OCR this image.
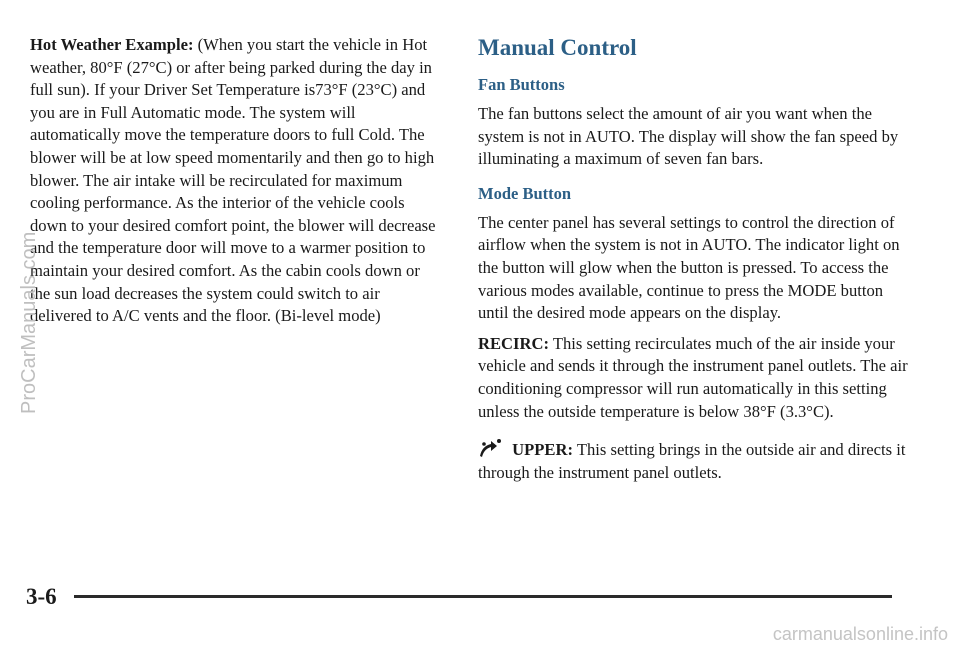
Hot Weather Example: (When you start the vehicle in Hot weather, 80°F (27°C) or after being parked during the day in full sun). If your Driver Set Temperature is73°F (23°C) and you are in Full Automatic mode. The system will automatically move the temperature doors to full Cold. The blower will be at low speed momentarily and then go to high blower. The air intake will be recirculated for maximum cooling performance. As the interior of the vehicle cools down to your desired comfort point, the blower will decrease and the temperature door will move to a warmer position to maintain your desired comfort. As the cabin cools down or the sun load decreases the system could switch to air delivered to A/C vents and the floor. (Bi-level mode)

Manual Control
Fan Buttons

The fan buttons select the amount of air you want when the system is not in AUTO. The display will show the fan speed by illuminating a maximum of seven fan bars.

Mode Button

The center panel has several settings to control the direction of airflow when the system is not in AUTO. The indicator light on the button will glow when the button is pressed. To access the various modes available, continue to press the MODE button until the desired mode appears on the display.

RECIRC: This setting recirculates much of the air inside your vehicle and sends it through the instrument panel outlets. The air conditioning compressor will run automatically in this setting unless the outside temperature is below 38°F (3.3°C).

UPPER: This setting brings in the outside air and directs it through the instrument panel outlets.

3-6
ProCarManuals.com
carmanualsonline.info
